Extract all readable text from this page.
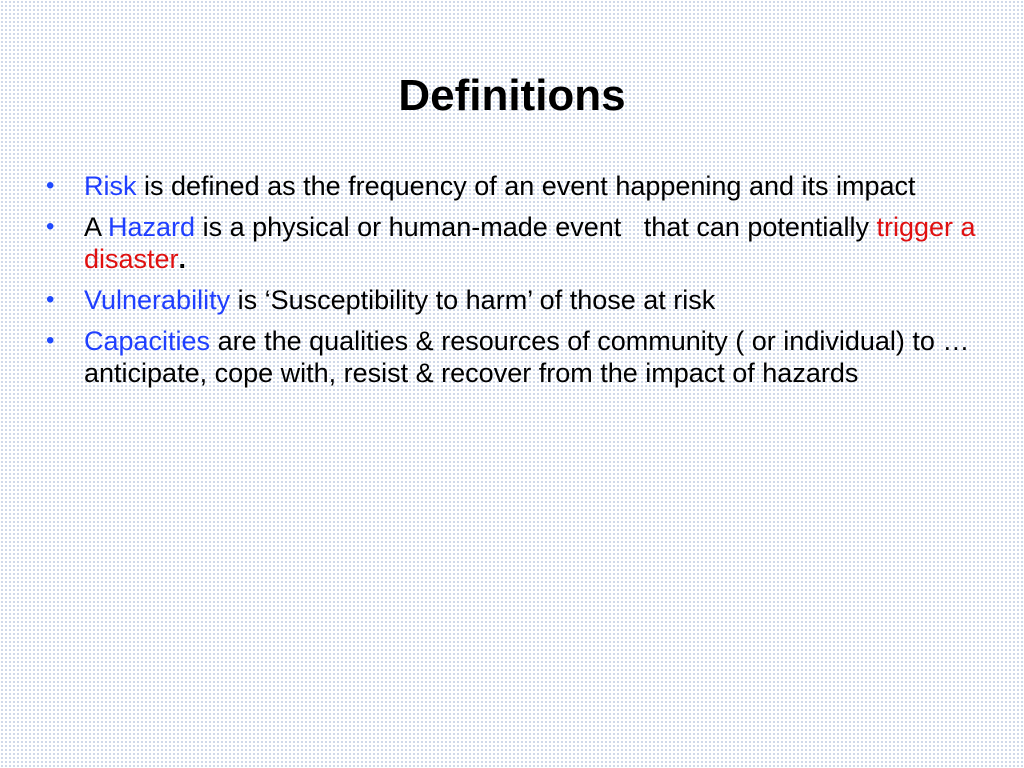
Definitions
• Risk is defined as the frequency of an event happening and its impact
• A Hazard is a physical or human-made event   that can potentially trigger a disaster.
• Vulnerability is ‘Susceptibility to harm’ of those at risk
• Capacities are the qualities & resources of community ( or individual) to … anticipate, cope with, resist & recover from the impact of hazards
